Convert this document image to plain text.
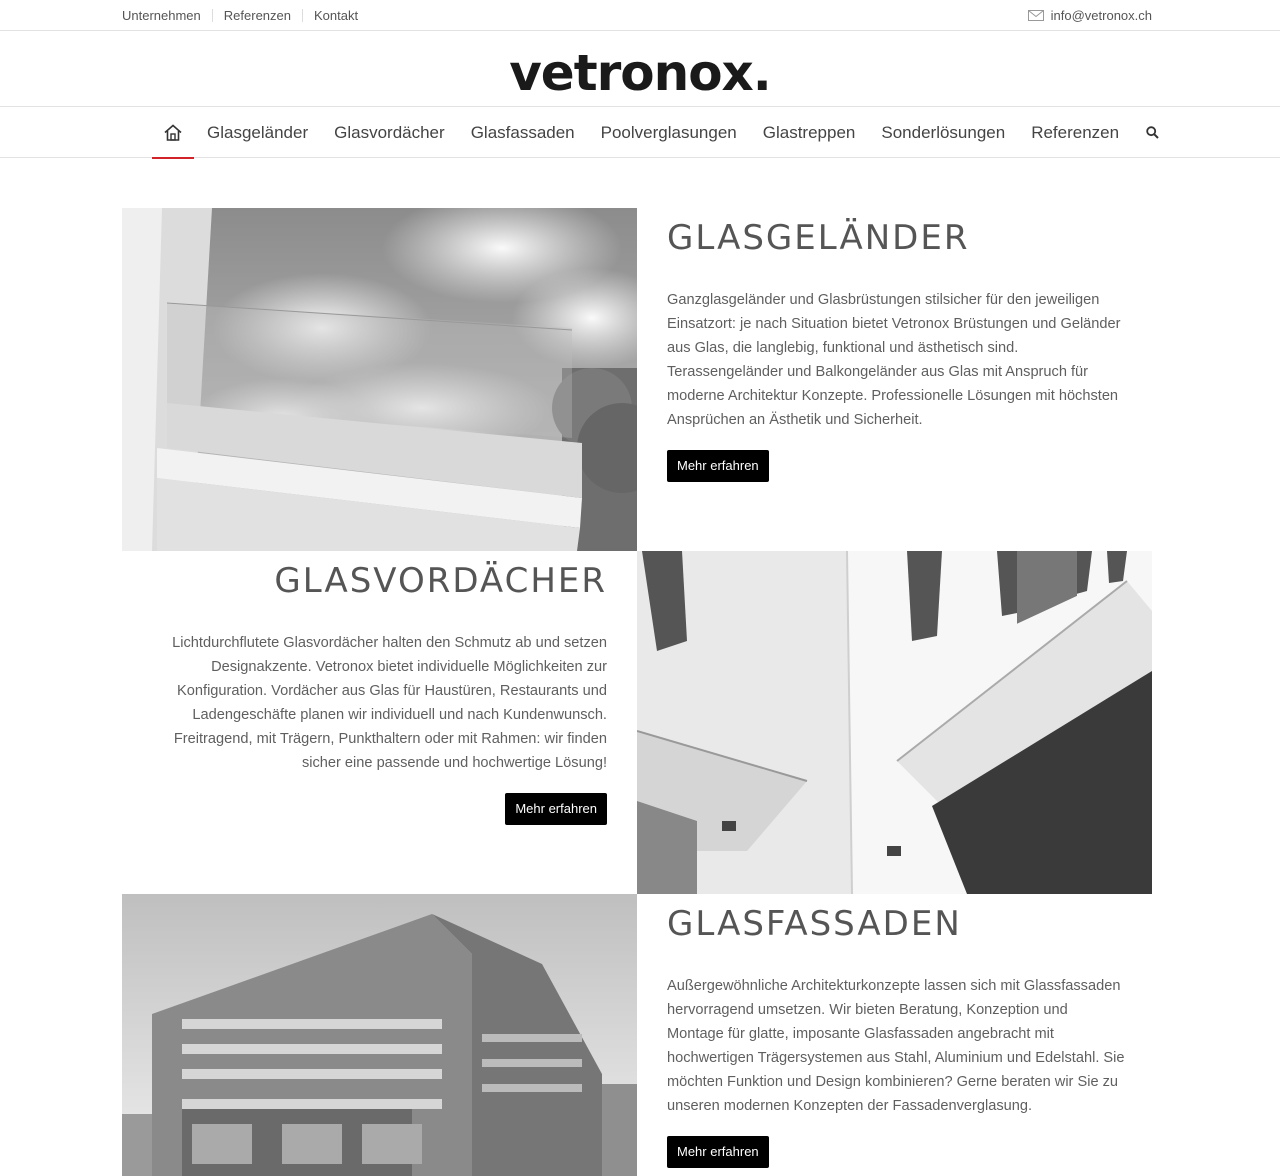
Unternehmen Referenzen Kontakt	info@vetronox.ch
vetronox.
Glasgeländer	Glasvordächer	Glasfassaden	Poolverglasungen	Glastreppen	Sonderlösungen	Referenzen
GLASGELÄNDER

Ganzglasgeländer und Glasbrüstungen stilsicher für den jeweiligen Einsatzort: je nach Situation bietet Vetronox Brüstungen und Geländer aus Glas, die langlebig, funktional und ästhetisch sind. Terassengeländer und Balkongeländer aus Glas mit Anspruch für moderne Architektur Konzepte. Professionelle Lösungen mit höchsten Ansprüchen an Ästhetik und Sicherheit.

Mehr erfahren
GLASVORDÄCHER

Lichtdurchflutete Glasvordächer halten den Schmutz ab und setzen Designakzente. Vetronox bietet individuelle Möglichkeiten zur Konfiguration. Vordächer aus Glas für Haustüren, Restaurants und Ladengeschäfte planen wir individuell und nach Kundenwunsch. Freitragend, mit Trägern, Punkthaltern oder mit Rahmen: wir finden sicher eine passende und hochwertige Lösung!

Mehr erfahren
GLASFASSADEN

Außergewöhnliche Architekturkonzepte lassen sich mit Glassfassaden hervorragend umsetzen. Wir bieten Beratung, Konzeption und Montage für glatte, imposante Glasfassaden angebracht mit hochwertigen Trägersystemen aus Stahl, Aluminium und Edelstahl. Sie möchten Funktion und Design kombinieren? Gerne beraten wir Sie zu unseren modernen Konzepten der Fassadenverglasung.

Mehr erfahren
